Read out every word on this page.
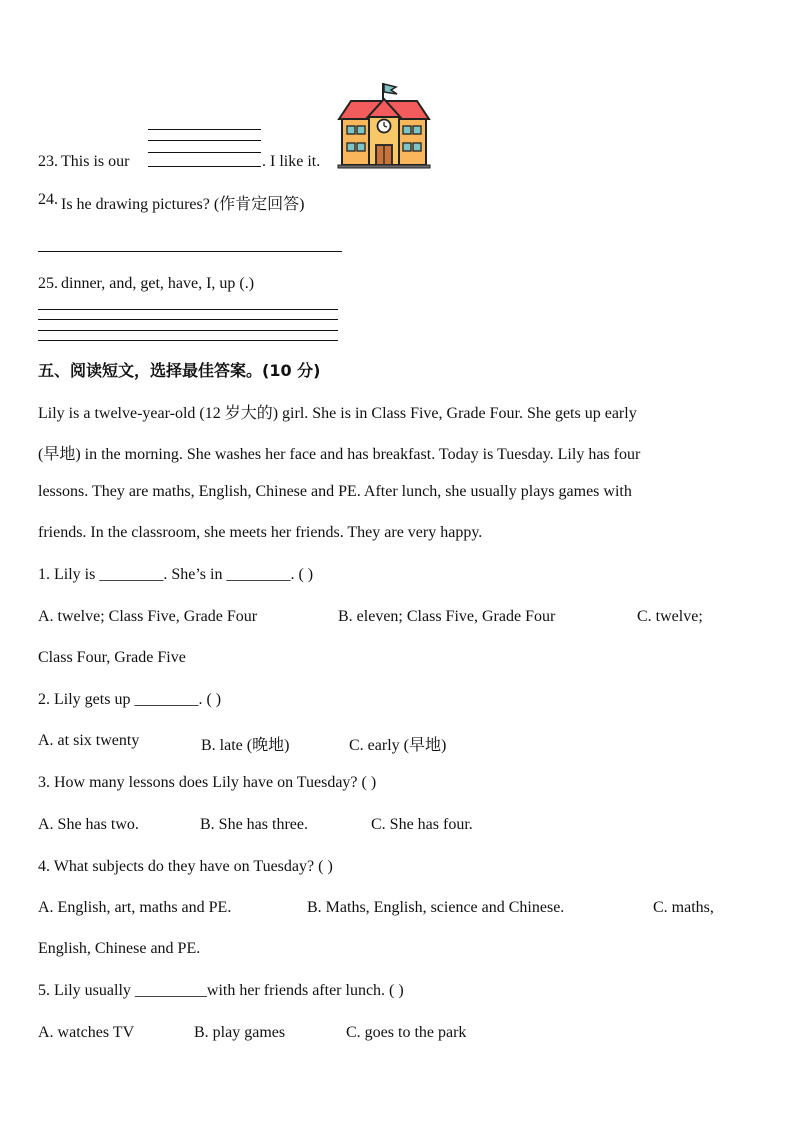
23. This is our	. I like it.
24. Is he drawing pictures? (作肯定回答)
25. dinner, and, get, have, I, up (.)
五、阅读短文，选择最佳答案。(10 分)
Lily is a twelve-year-old (12 岁大的) girl. She is in Class Five, Grade Four. She gets up early
(早地) in the morning. She washes her face and has breakfast. Today is Tuesday. Lily has four
lessons. They are maths, English, Chinese and PE. After lunch, she usually plays games with
friends. In the classroom, she meets her friends. They are very happy.
1. Lily is ________. She’s in ________. ( )
A. twelve; Class Five, Grade Four	B. eleven; Class Five, Grade Four	C. twelve;
Class Four, Grade Five
2. Lily gets up ________. ( )
A. at six twenty	B. late (晚地)	C. early (早地)
3. How many lessons does Lily have on Tuesday? ( )
A. She has two.	B. She has three.	C. She has four.
4. What subjects do they have on Tuesday? ( )
A. English, art, maths and PE.	B. Maths, English, science and Chinese.	C. maths,
English, Chinese and PE.
5. Lily usually _________with her friends after lunch. ( )
A. watches TV	B. play games	C. goes to the park
